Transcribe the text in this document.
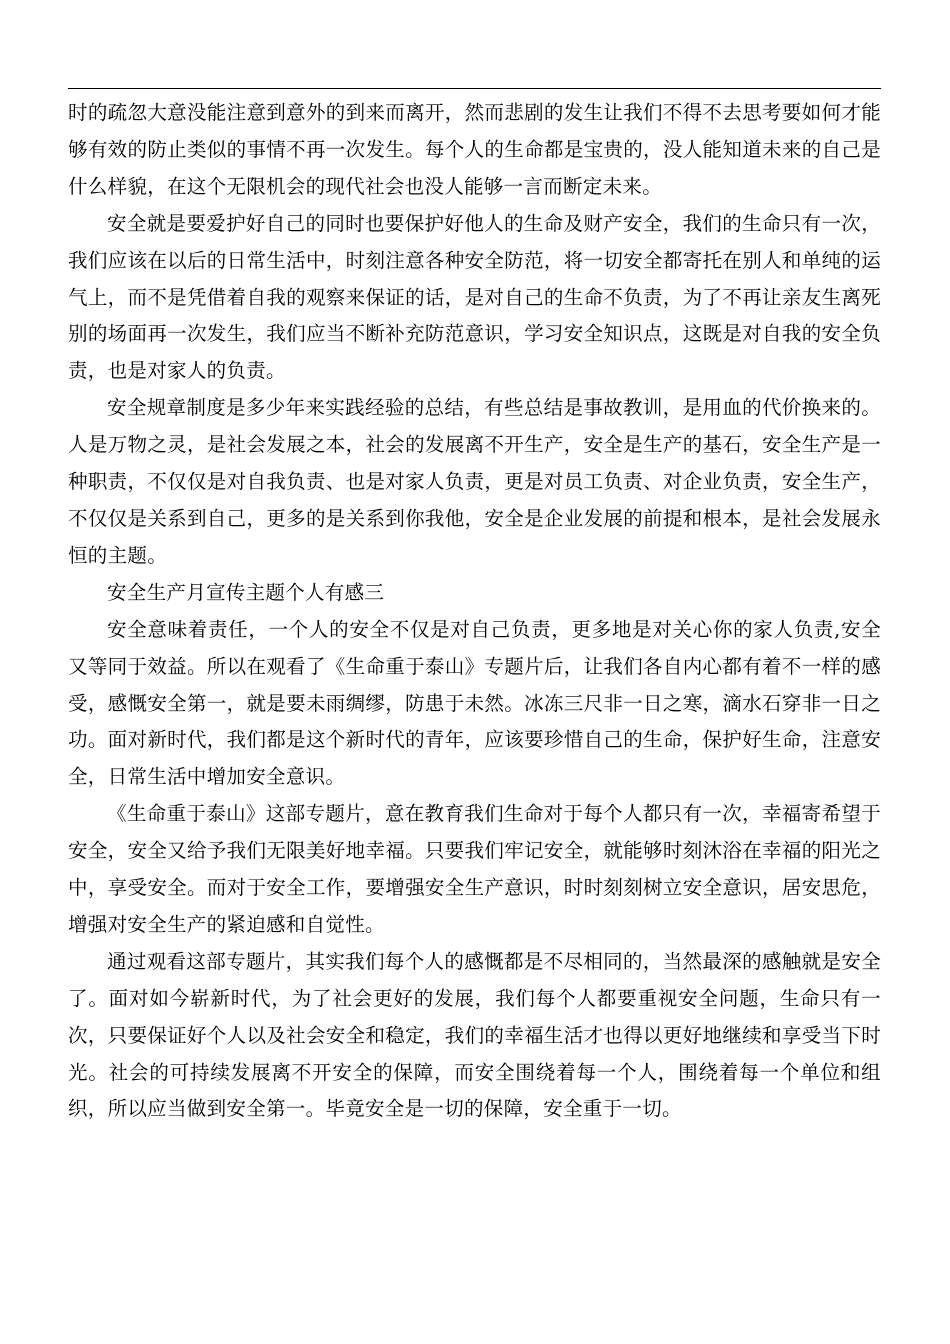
时的疏忽大意没能注意到意外的到来而离开，然而悲剧的发生让我们不得不去思考要如何才能够有效的防止类似的事情不再一次发生。每个人的生命都是宝贵的，没人能知道未来的自己是什么样貌，在这个无限机会的现代社会也没人能够一言而断定未来。

安全就是要爱护好自己的同时也要保护好他人的生命及财产安全，我们的生命只有一次，我们应该在以后的日常生活中，时刻注意各种安全防范，将一切安全都寄托在别人和单纯的运气上，而不是凭借着自我的观察来保证的话，是对自己的生命不负责，为了不再让亲友生离死别的场面再一次发生，我们应当不断补充防范意识，学习安全知识点，这既是对自我的安全负责，也是对家人的负责。

安全规章制度是多少年来实践经验的总结，有些总结是事故教训，是用血的代价换来的。人是万物之灵，是社会发展之本，社会的发展离不开生产，安全是生产的基石，安全生产是一种职责，不仅仅是对自我负责、也是对家人负责，更是对员工负责、对企业负责，安全生产，不仅仅是关系到自己，更多的是关系到你我他，安全是企业发展的前提和根本，是社会发展永恒的主题。

安全生产月宣传主题个人有感三

安全意味着责任，一个人的安全不仅是对自己负责，更多地是对关心你的家人负责,安全又等同于效益。所以在观看了《生命重于泰山》专题片后，让我们各自内心都有着不一样的感受，感慨安全第一，就是要未雨绸缪，防患于未然。冰冻三尺非一日之寒，滴水石穿非一日之功。面对新时代，我们都是这个新时代的青年，应该要珍惜自己的生命，保护好生命，注意安全，日常生活中增加安全意识。

《生命重于泰山》这部专题片，意在教育我们生命对于每个人都只有一次，幸福寄希望于安全，安全又给予我们无限美好地幸福。只要我们牢记安全，就能够时刻沐浴在幸福的阳光之中，享受安全。而对于安全工作，要增强安全生产意识，时时刻刻树立安全意识，居安思危，增强对安全生产的紧迫感和自觉性。

通过观看这部专题片，其实我们每个人的感慨都是不尽相同的，当然最深的感触就是安全了。面对如今崭新时代，为了社会更好的发展，我们每个人都要重视安全问题，生命只有一次，只要保证好个人以及社会安全和稳定，我们的幸福生活才也得以更好地继续和享受当下时光。社会的可持续发展离不开安全的保障，而安全围绕着每一个人，围绕着每一个单位和组织，所以应当做到安全第一。毕竟安全是一切的保障，安全重于一切。
